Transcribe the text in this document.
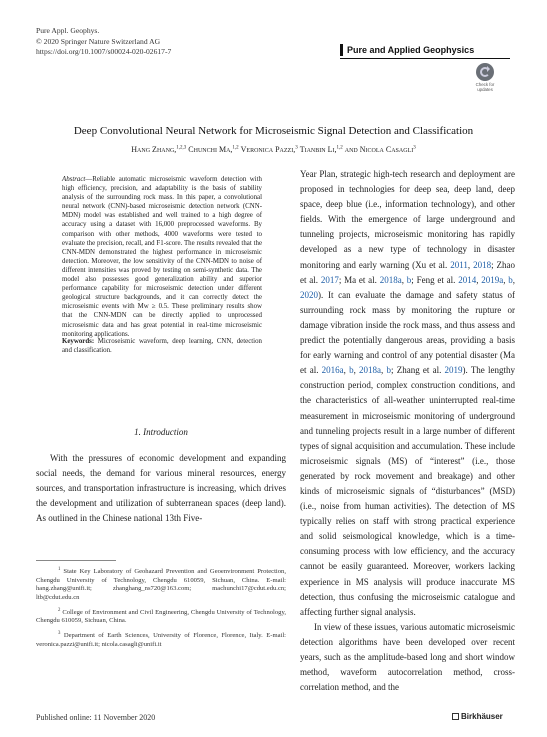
Pure Appl. Geophys.
© 2020 Springer Nature Switzerland AG
https://doi.org/10.1007/s00024-020-02617-7	Pure and Applied Geophysics
Check for
updates
Deep Convolutional Neural Network for Microseismic Signal Detection and Classification
Hang Zhang,$^{1,2,3}$ Chunchi Ma,$^{1,2}$ Veronica Pazzi,$^3$ Tianbin Li,$^{1,2}$ and Nicola Casagli$^3$
Abstract—Reliable automatic microseismic waveform detection with high efficiency, precision, and adaptability is the basis of stability analysis of the surrounding rock mass. In this paper, a convolutional neural network (CNN)-based microseismic detection network (CNN-MDN) model was established and well trained to a high degree of accuracy using a dataset with 16,000 preprocessed waveforms. By comparison with other methods, 4000 waveforms were tested to evaluate the precision, recall, and F1-score. The results revealed that the CNN-MDN demonstrated the highest performance in microseismic detection. Moreover, the low sensitivity of the CNN-MDN to noise of different intensities was proved by testing on semi-synthetic data. The model also possesses good generalization ability and superior performance capability for microseismic detection under different geological structure backgrounds, and it can correctly detect the microseismic events with Mw ≥ 0.5. These preliminary results show that the CNN-MDN can be directly applied to unprocessed microseismic data and has great potential in real-time microseismic monitoring applications.
Keywords: Microseismic waveform, deep learning, CNN, detection and classification.
1. Introduction
With the pressures of economic development and expanding social needs, the demand for various mineral resources, energy sources, and transportation infrastructure is increasing, which drives the development and utilization of subterranean spaces (deep land). As outlined in the Chinese national 13th Five-

$^1$ State Key Laboratory of Geohazard Prevention and Geoenvironment Protection, Chengdu University of Technology, Chengdu 610059, Sichuan, China. E-mail: hang.zhang@unifi.it; zhanghang_ns720@163.com; machunchi17@cdut.edu.cn; ltb@cdut.edu.cn

$^2$ College of Environment and Civil Engineering, Chengdu University of Technology, Chengdu 610059, Sichuan, China.

$^3$ Department of Earth Sciences, University of Florence, Florence, Italy. E-mail: veronica.pazzi@unifi.it; nicola.casagli@unifi.it

Year Plan, strategic high-tech research and deployment are proposed in technologies for deep sea, deep land, deep space, deep blue (i.e., information technology), and other fields. With the emergence of large underground and tunneling projects, microseismic monitoring has rapidly developed as a new type of technology in disaster monitoring and early warning (Xu et al. 2011, 2018; Zhao et al. 2017; Ma et al. 2018a, b; Feng et al. 2014, 2019a, b, 2020). It can evaluate the damage and safety status of surrounding rock mass by monitoring the rupture or damage vibration inside the rock mass, and thus assess and predict the potentially dangerous areas, providing a basis for early warning and control of any potential disaster (Ma et al. 2016a, b, 2018a, b; Zhang et al. 2019). The lengthy construction period, complex construction conditions, and the characteristics of all-weather uninterrupted real-time measurement in microseismic monitoring of underground and tunneling projects result in a large number of different types of signal acquisition and accumulation. These include microseismic signals (MS) of “interest” (i.e., those generated by rock movement and breakage) and other kinds of microseismic signals of “disturbances” (MSD) (i.e., noise from human activities). The detection of MS typically relies on staff with strong practical experience and solid seismological knowledge, which is a time-consuming process with low efficiency, and the accuracy cannot be easily guaranteed. Moreover, workers lacking experience in MS analysis will produce inaccurate MS detection, thus confusing the microseismic catalogue and affecting further signal analysis.

In view of these issues, various automatic microseismic detection algorithms have been developed over recent years, such as the amplitude-based long and short window method, waveform autocorrelation method, cross-correlation method, and the

Published online: 11 November 2020	Birkhäuser
